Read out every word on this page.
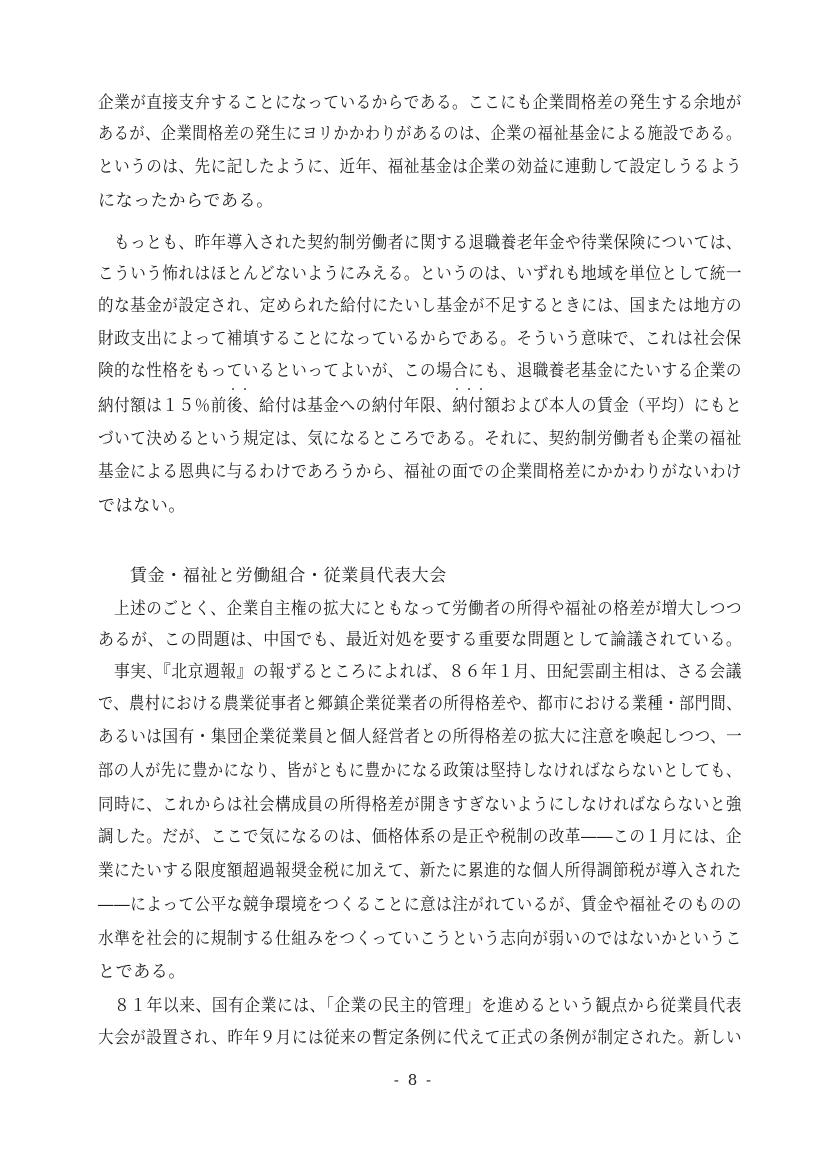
企業が直接支弁することになっているからである。ここにも企業間格差の発生する余地が
あるが、企業間格差の発生にヨリかかわりがあるのは、企業の福祉基金による施設である。
というのは、先に記したように、近年、福祉基金は企業の効益に連動して設定しうるよう
になったからである。
もっとも、昨年導入された契約制労働者に関する退職養老年金や待業保険については、
こういう怖れはほとんどないようにみえる。というのは、いずれも地域を単位として統一
的な基金が設定され、定められた給付にたいし基金が不足するときには、国または地方の
財政支出によって補填することになっているからである。そういう意味で、これは社会保
険的な性格をもっているといってよいが、この場合にも、退職養老基金にたいする企業の
・・	・・・
納付額は１５％前後、給付は基金への納付年限、納付額および本人の賃金（平均）にもと
づいて決めるという規定は、気になるところである。それに、契約制労働者も企業の福祉
基金による恩典に与るわけであろうから、福祉の面での企業間格差にかかわりがないわけ
ではない。
賃金・福祉と労働組合・従業員代表大会
上述のごとく、企業自主権の拡大にともなって労働者の所得や福祉の格差が増大しつつ
あるが、この問題は、中国でも、最近対処を要する重要な問題として論議されている。
事実、『北京週報』の報ずるところによれば、８６年１月、田紀雲副主相は、さる会議
で、農村における農業従事者と郷鎮企業従業者の所得格差や、都市における業種・部門間、
あるいは国有・集団企業従業員と個人経営者との所得格差の拡大に注意を喚起しつつ、一
部の人が先に豊かになり、皆がともに豊かになる政策は堅持しなければならないとしても、
同時に、これからは社会構成員の所得格差が開きすぎないようにしなければならないと強
調した。だが、ここで気になるのは、価格体系の是正や税制の改革――この１月には、企
業にたいする限度額超過報奨金税に加えて、新たに累進的な個人所得調節税が導入された
――によって公平な競争環境をつくることに意は注がれているが、賃金や福祉そのものの
水準を社会的に規制する仕組みをつくっていこうという志向が弱いのではないかというこ
とである。
８１年以来、国有企業には、「企業の民主的管理」を進めるという観点から従業員代表
大会が設置され、昨年９月には従来の暫定条例に代えて正式の条例が制定された。新しい
- 8 -
